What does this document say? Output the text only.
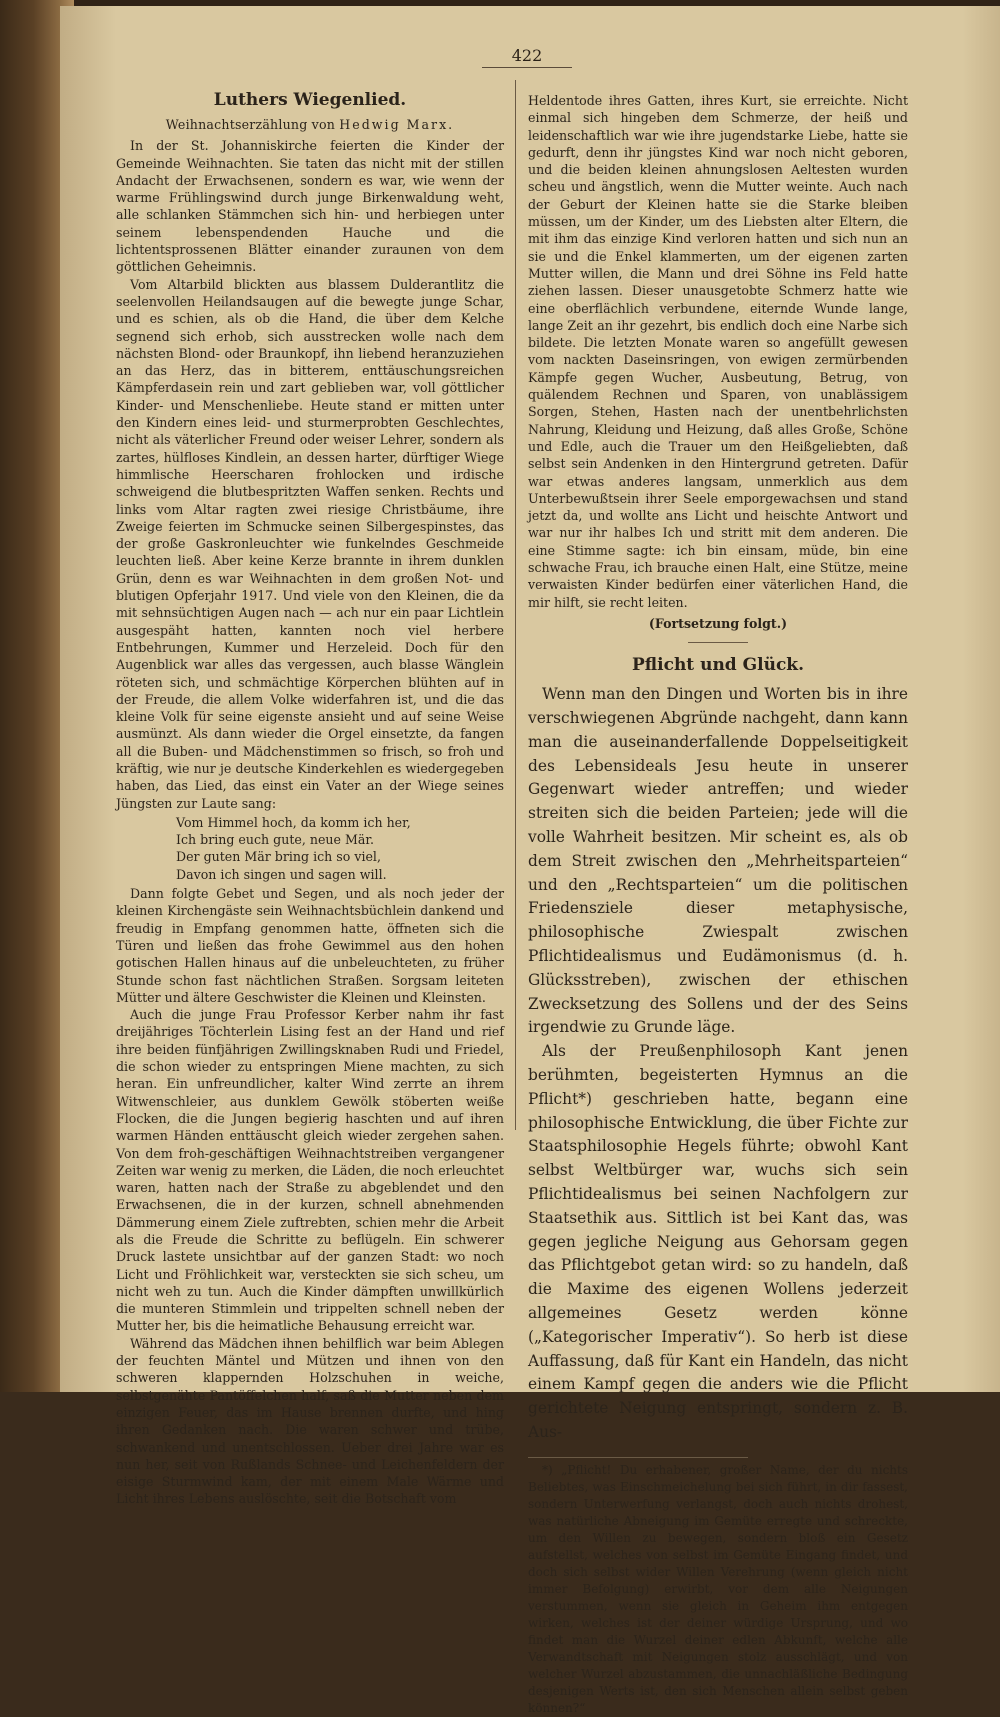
422
Luthers Wiegenlied.
Weihnachtserzählung von Hedwig Marx.

In der St. Johanniskirche feierten die Kinder der Gemeinde Weihnachten. Sie taten das nicht mit der stillen Andacht der Erwachsenen, sondern es war, wie wenn der warme Frühlingswind durch junge Birkenwaldung weht, alle schlanken Stämmchen sich hin- und herbiegen unter seinem lebenspendenden Hauche und die lichtentsprossenen Blätter einander zuraunen von dem göttlichen Geheimnis.

Vom Altarbild blickten aus blassem Dulderantlitz die seelenvollen Heilandsaugen auf die bewegte junge Schar, und es schien, als ob die Hand, die über dem Kelche segnend sich erhob, sich ausstrecken wolle nach dem nächsten Blond- oder Braunkopf, ihn liebend heranzuziehen an das Herz, das in bitterem, enttäuschungsreichen Kämpferdasein rein und zart geblieben war, voll göttlicher Kinder- und Menschenliebe. Heute stand er mitten unter den Kindern eines leid- und sturmerprobten Geschlechtes, nicht als väterlicher Freund oder weiser Lehrer, sondern als zartes, hülfloses Kindlein, an dessen harter, dürftiger Wiege himmlische Heerscharen frohlocken und irdische schweigend die blutbespritzten Waffen senken. Rechts und links vom Altar ragten zwei riesige Christbäume, ihre Zweige feierten im Schmucke seinen Silbergespinstes, das der große Gaskronleuchter wie funkelndes Geschmeide leuchten ließ. Aber keine Kerze brannte in ihrem dunklen Grün, denn es war Weihnachten in dem großen Not- und blutigen Opferjahr 1917. Und viele von den Kleinen, die da mit sehnsüchtigen Augen nach — ach nur ein paar Lichtlein ausgespäht hatten, kannten noch viel herbere Entbehrungen, Kummer und Herzeleid. Doch für den Augenblick war alles das vergessen, auch blasse Wänglein röteten sich, und schmächtige Körperchen blühten auf in der Freude, die allem Volke widerfahren ist, und die das kleine Volk für seine eigenste ansieht und auf seine Weise ausmünzt. Als dann wieder die Orgel einsetzte, da fangen all die Buben- und Mädchenstimmen so frisch, so froh und kräftig, wie nur je deutsche Kinderkehlen es wiedergegeben haben, das Lied, das einst ein Vater an der Wiege seines Jüngsten zur Laute sang:

Vom Himmel hoch, da komm ich her,
Ich bring euch gute, neue Mär.
Der guten Mär bring ich so viel,
Davon ich singen und sagen will.

Dann folgte Gebet und Segen, und als noch jeder der kleinen Kirchengäste sein Weihnachtsbüchlein dankend und freudig in Empfang genommen hatte, öffneten sich die Türen und ließen das frohe Gewimmel aus den hohen gotischen Hallen hinaus auf die unbeleuchteten, zu früher Stunde schon fast nächtlichen Straßen. Sorgsam leiteten Mütter und ältere Geschwister die Kleinen und Kleinsten.

Auch die junge Frau Professor Kerber nahm ihr fast dreijähriges Töchterlein Lising fest an der Hand und rief ihre beiden fünfjährigen Zwillingsknaben Rudi und Friedel, die schon wieder zu entspringen Miene machten, zu sich heran. Ein unfreundlicher, kalter Wind zerrte an ihrem Witwenschleier, aus dunklem Gewölk stöberten weiße Flocken, die die Jungen begierig haschten und auf ihren warmen Händen enttäuscht gleich wieder zergehen sahen. Von dem froh-geschäftigen Weihnachtstreiben vergangener Zeiten war wenig zu merken, die Läden, die noch erleuchtet waren, hatten nach der Straße zu abgeblendet und den Erwachsenen, die in der kurzen, schnell abnehmenden Dämmerung einem Ziele zuftrebten, schien mehr die Arbeit als die Freude die Schritte zu beflügeln. Ein schwerer Druck lastete unsichtbar auf der ganzen Stadt: wo noch Licht und Fröhlichkeit war, versteckten sie sich scheu, um nicht weh zu tun. Auch die Kinder dämpften unwillkürlich die munteren Stimmlein und trippelten schnell neben der Mutter her, bis die heimatliche Behausung erreicht war.

Während das Mädchen ihnen behilflich war beim Ablegen der feuchten Mäntel und Mützen und ihnen von den schweren klappernden Holzschuhen in weiche, selbstgenähte Pantöffelchen half, saß die Mutter neben dem einzigen Feuer, das im Hause brennen durfte, und hing ihren Gedanken nach. Die waren schwer und trübe, schwankend und unentschlossen. Ueber drei Jahre war es nun her, seit von Rußlands Schnee- und Leichenfeldern der eisige Sturmwind kam, der mit einem Male Wärme und Licht ihres Lebens auslöschte, seit die Botschaft vom

Heldentode ihres Gatten, ihres Kurt, sie erreichte. Nicht einmal sich hingeben dem Schmerze, der heiß und leidenschaftlich war wie ihre jugendstarke Liebe, hatte sie gedurft, denn ihr jüngstes Kind war noch nicht geboren, und die beiden kleinen ahnungslosen Aeltesten wurden scheu und ängstlich, wenn die Mutter weinte. Auch nach der Geburt der Kleinen hatte sie die Starke bleiben müssen, um der Kinder, um des Liebsten alter Eltern, die mit ihm das einzige Kind verloren hatten und sich nun an sie und die Enkel klammerten, um der eigenen zarten Mutter willen, die Mann und drei Söhne ins Feld hatte ziehen lassen. Dieser unausgetobte Schmerz hatte wie eine oberflächlich verbundene, eiternde Wunde lange, lange Zeit an ihr gezehrt, bis endlich doch eine Narbe sich bildete. Die letzten Monate waren so angefüllt gewesen vom nackten Daseinsringen, von ewigen zermürbenden Kämpfe gegen Wucher, Ausbeutung, Betrug, von quälendem Rechnen und Sparen, von unablässigem Sorgen, Stehen, Hasten nach der unentbehrlichsten Nahrung, Kleidung und Heizung, daß alles Große, Schöne und Edle, auch die Trauer um den Heißgeliebten, daß selbst sein Andenken in den Hintergrund getreten. Dafür war etwas anderes langsam, unmerklich aus dem Unterbewußtsein ihrer Seele emporgewachsen und stand jetzt da, und wollte ans Licht und heischte Antwort und war nur ihr halbes Ich und stritt mit dem anderen. Die eine Stimme sagte: ich bin einsam, müde, bin eine schwache Frau, ich brauche einen Halt, eine Stütze, meine verwaisten Kinder bedürfen einer väterlichen Hand, die mir hilft, sie recht leiten.

(Fortsetzung folgt.)
Pflicht und Glück.

Wenn man den Dingen und Worten bis in ihre verschwiegenen Abgründe nachgeht, dann kann man die auseinanderfallende Doppelseitigkeit des Lebensideals Jesu heute in unserer Gegenwart wieder antreffen; und wieder streiten sich die beiden Parteien; jede will die volle Wahrheit besitzen. Mir scheint es, als ob dem Streit zwischen den „Mehrheitsparteien“ und den „Rechtsparteien“ um die politischen Friedensziele dieser metaphysische, philosophische Zwiespalt zwischen Pflichtidealismus und Eudämonismus (d. h. Glücksstreben), zwischen der ethischen Zwecksetzung des Sollens und der des Seins irgendwie zu Grunde läge.

Als der Preußenphilosoph Kant jenen berühmten, begeisterten Hymnus an die Pflicht*) geschrieben hatte, begann eine philosophische Entwicklung, die über Fichte zur Staatsphilosophie Hegels führte; obwohl Kant selbst Weltbürger war, wuchs sich sein Pflichtidealismus bei seinen Nachfolgern zur Staatsethik aus. Sittlich ist bei Kant das, was gegen jegliche Neigung aus Gehorsam gegen das Pflichtgebot getan wird: so zu handeln, daß die Maxime des eigenen Wollens jederzeit allgemeines Gesetz werden könne („Kategorischer Imperativ“). So herb ist diese Auffassung, daß für Kant ein Handeln, das nicht einem Kampf gegen die anders wie die Pflicht gerichtete Neigung entspringt, sondern z. B. Aus-

*) „Pflicht! Du erhabener, großer Name, der du nichts Beliebtes, was Einschmeichelung bei sich führt, in dir fassest, sondern Unterwerfung verlangst, doch auch nichts drohest, was natürliche Abneigung im Gemüte erregte und schreckte, um den Willen zu bewegen, sondern bloß ein Gesetz aufstellst, welches von selbst im Gemüte Eingang findet, und doch sich selbst wider Willen Verehrung (wenn gleich nicht immer Befolgung) erwirbt, vor dem alle Neigungen verstummen, wenn sie gleich in Geheim ihm entgegen wirken, welches ist der deiner würdige Ursprung, und wo findet man die Wurzel deiner edlen Abkunft, welche alle Verwandtschaft mit Neigungen stolz ausschlägt, und von welcher Wurzel abzustammen, die unnachläßliche Bedingung desjenigen Werts ist, den sich Menschen allein selbst geben können?“
